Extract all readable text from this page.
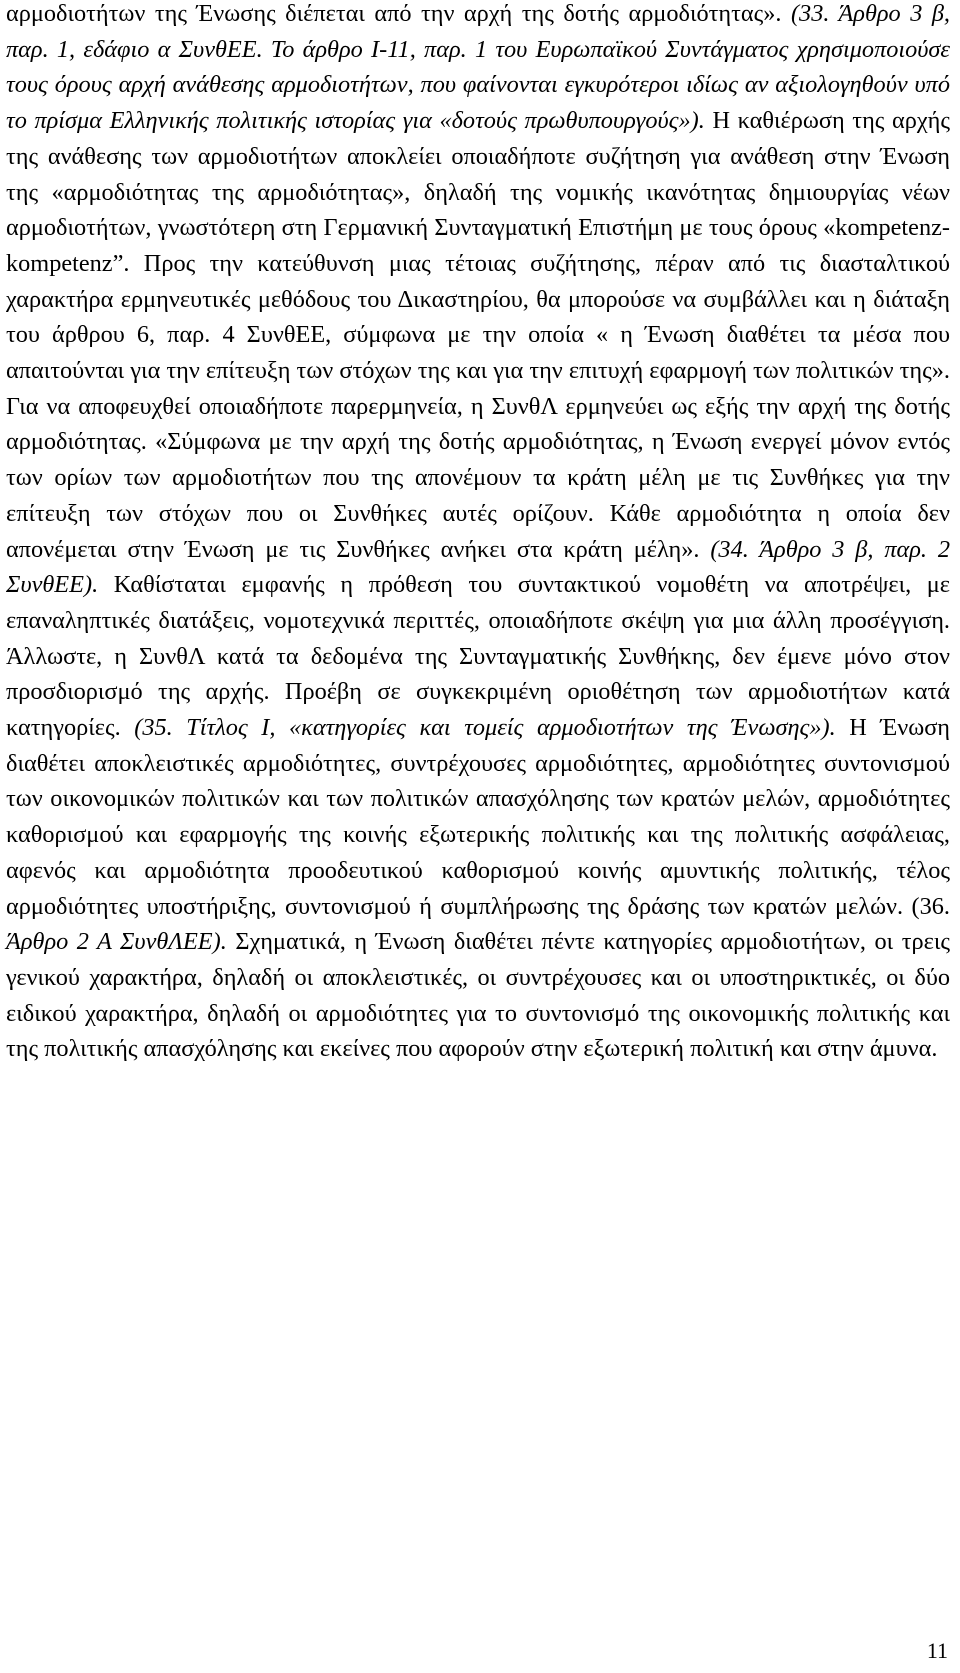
αρμοδιοτήτων της Ένωσης διέπεται από την αρχή της δοτής αρμοδιότητας». (33. Άρθρο 3 β, παρ. 1, εδάφιο α ΣυνθΕΕ. Το άρθρο Ι-11, παρ. 1 του Ευρωπαϊκού Συντάγματος χρησιμοποιούσε τους όρους αρχή ανάθεσης αρμοδιοτήτων, που φαίνονται εγκυρότεροι ιδίως αν αξιολογηθούν υπό το πρίσμα Ελληνικής πολιτικής ιστορίας για «δοτούς πρωθυπουργούς»). Η καθιέρωση της αρχής της ανάθεσης των αρμοδιοτήτων αποκλείει οποιαδήποτε συζήτηση για ανάθεση στην Ένωση της «αρμοδιότητας της αρμοδιότητας», δηλαδή της νομικής ικανότητας δημιουργίας νέων αρμοδιοτήτων, γνωστότερη στη Γερμανική Συνταγματική Επιστήμη με τους όρους «kompetenz-kompetenz”. Προς την κατεύθυνση μιας τέτοιας συζήτησης, πέραν από τις διασταλτικού χαρακτήρα ερμηνευτικές μεθόδους του Δικαστηρίου, θα μπορούσε να συμβάλλει και η διάταξη του άρθρου 6, παρ. 4 ΣυνθΕΕ, σύμφωνα με την οποία « η Ένωση διαθέτει τα μέσα που απαιτούνται για την επίτευξη των στόχων της και για την επιτυχή εφαρμογή των πολιτικών της». Για να αποφευχθεί οποιαδήποτε παρερμηνεία, η ΣυνθΛ ερμηνεύει ως εξής την αρχή της δοτής αρμοδιότητας. «Σύμφωνα με την αρχή της δοτής αρμοδιότητας, η Ένωση ενεργεί μόνον εντός των ορίων των αρμοδιοτήτων που της απονέμουν τα κράτη μέλη με τις Συνθήκες για την επίτευξη των στόχων που οι Συνθήκες αυτές ορίζουν. Κάθε αρμοδιότητα η οποία δεν απονέμεται στην Ένωση με τις Συνθήκες ανήκει στα κράτη μέλη». (34. Άρθρο 3 β, παρ. 2 ΣυνθΕΕ). Καθίσταται εμφανής η πρόθεση του συντακτικού νομοθέτη να αποτρέψει, με επαναληπτικές διατάξεις, νομοτεχνικά περιττές, οποιαδήποτε σκέψη για μια άλλη προσέγγιση. Άλλωστε, η ΣυνθΛ κατά τα δεδομένα της Συνταγματικής Συνθήκης, δεν έμενε μόνο στον προσδιορισμό της αρχής. Προέβη σε συγκεκριμένη οριοθέτηση των αρμοδιοτήτων κατά κατηγορίες. (35. Τίτλος Ι, «κατηγορίες και τομείς αρμοδιοτήτων της Ένωσης»). Η Ένωση διαθέτει αποκλειστικές αρμοδιότητες, συντρέχουσες αρμοδιότητες, αρμοδιότητες συντονισμού των οικονομικών πολιτικών και των πολιτικών απασχόλησης των κρατών μελών, αρμοδιότητες καθορισμού και εφαρμογής της κοινής εξωτερικής πολιτικής και της πολιτικής ασφάλειας, αφενός και αρμοδιότητα προοδευτικού καθορισμού κοινής αμυντικής πολιτικής, τέλος αρμοδιότητες υποστήριξης, συντονισμού ή συμπλήρωσης της δράσης των κρατών μελών. (36. Άρθρο 2 Α ΣυνθΛΕΕ). Σχηματικά, η Ένωση διαθέτει πέντε κατηγορίες αρμοδιοτήτων, οι τρεις γενικού χαρακτήρα, δηλαδή οι αποκλειστικές, οι συντρέχουσες και οι υποστηρικτικές, οι δύο ειδικού χαρακτήρα, δηλαδή οι αρμοδιότητες για το συντονισμό της οικονομικής πολιτικής και της πολιτικής απασχόλησης και εκείνες που αφορούν στην εξωτερική πολιτική και στην άμυνα.

11
